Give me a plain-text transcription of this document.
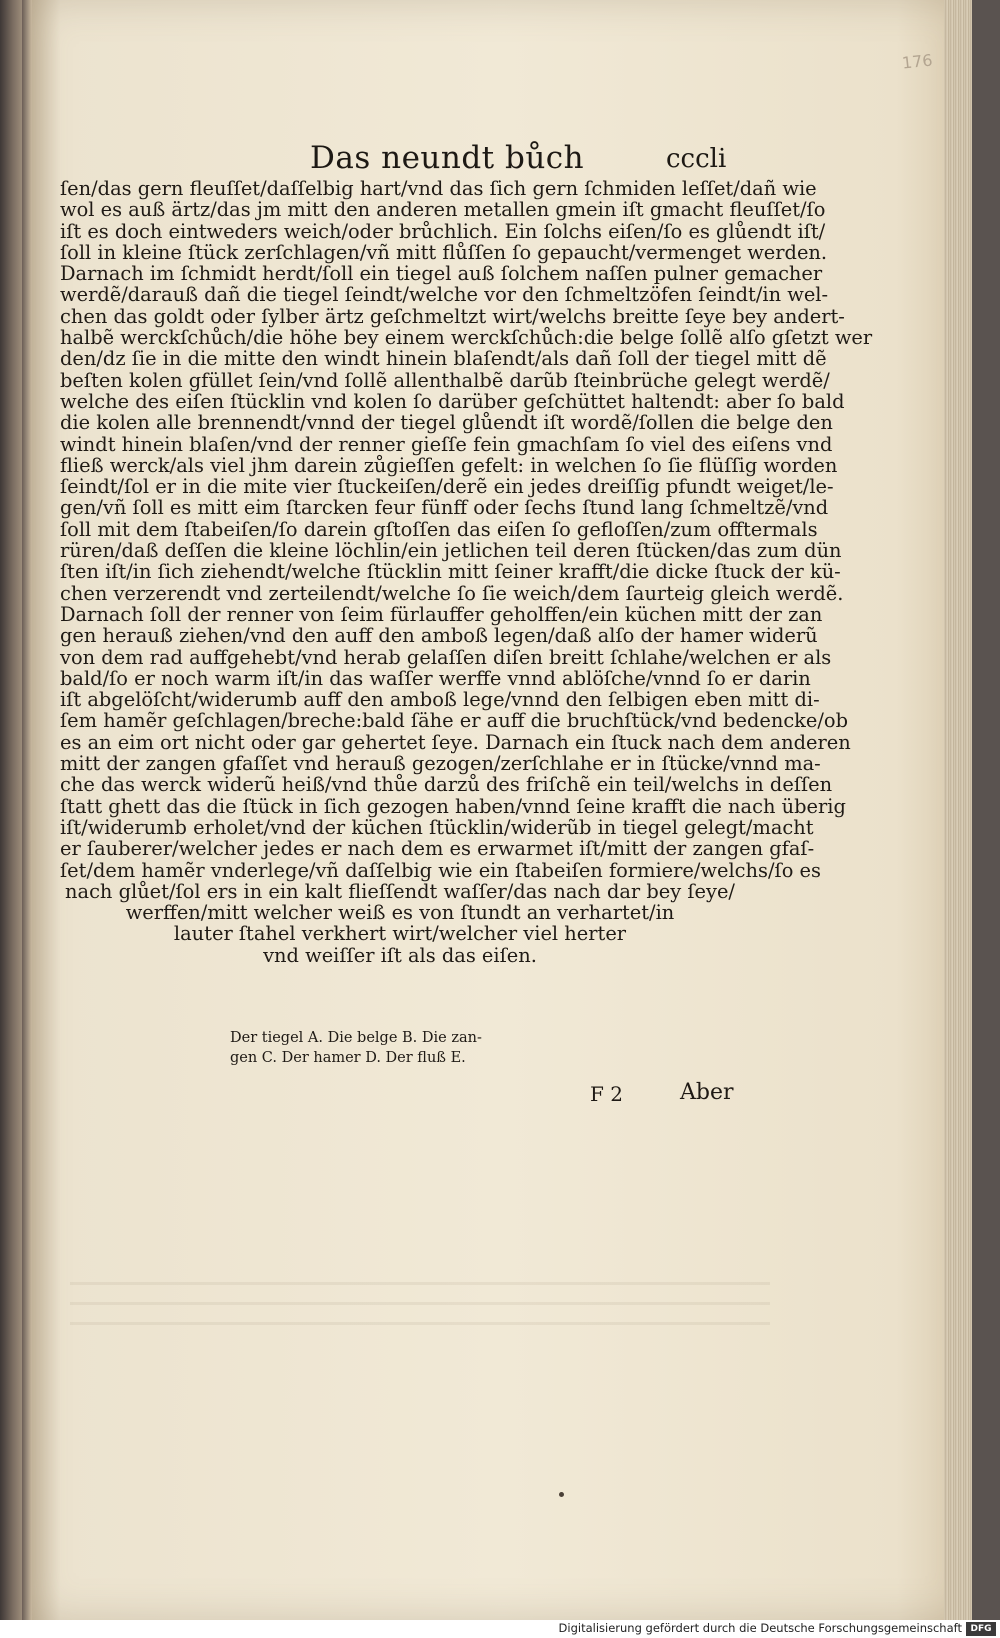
176
Das neundt bůch	cccli
ſen/das gern fleuſſet/daſſelbig hart/vnd das ſich gern ſchmiden leſſet/dañ wie
wol es auß ärtz/das jm mitt den anderen metallen gmein iſt gmacht fleuſſet/ſo
iſt es doch eintweders weich/oder brůchlich. Ein ſolchs eiſen/ſo es glůendt iſt/
ſoll in kleine ſtück zerſchlagen/vñ mitt flůſſen ſo gepaucht/vermenget werden.
Darnach im ſchmidt herdt/ſoll ein tiegel auß ſolchem naſſen pulner gemacher
werdẽ/darauß dañ die tiegel ſeindt/welche vor den ſchmeltzöfen ſeindt/in wel-
chen das goldt oder ſylber ärtz geſchmeltzt wirt/welchs breitte ſeye bey andert-
halbẽ werckſchůch/die höhe bey einem werckſchůch:die belge ſollẽ alſo gſetzt wer
den/dz ſie in die mitte den windt hinein blaſendt/als dañ ſoll der tiegel mitt dẽ
beſten kolen gfüllet ſein/vnd ſollẽ allenthalbẽ darũb ſteinbrüche gelegt werdẽ/
welche des eiſen ſtücklin vnd kolen ſo darüber geſchüttet haltendt: aber ſo bald
die kolen alle brennendt/vnnd der tiegel glůendt iſt wordẽ/ſollen die belge den
windt hinein blaſen/vnd der renner gieſſe fein gmachſam ſo viel des eiſens vnd
fließ werck/als viel jhm darein zůgieſſen gefelt: in welchen ſo ſie flüſſig worden
ſeindt/ſol er in die mite vier ſtuckeiſen/derẽ ein jedes dreiſſig pfundt weiget/le-
gen/vñ ſoll es mitt eim ſtarcken feur fünff oder ſechs ſtund lang ſchmeltzẽ/vnd
ſoll mit dem ſtabeiſen/ſo darein gſtoſſen das eiſen ſo gefloſſen/zum offtermals
rüren/daß deſſen die kleine löchlin/ein jetlichen teil deren ſtücken/das zum dün
ſten iſt/in ſich ziehendt/welche ſtücklin mitt ſeiner krafft/die dicke ſtuck der kü-
chen verzerendt vnd zerteilendt/welche ſo ſie weich/dem ſaurteig gleich werdẽ.
Darnach ſoll der renner von ſeim fürlauffer geholffen/ein küchen mitt der zan
gen herauß ziehen/vnd den auff den amboß legen/daß alſo der hamer widerũ
von dem rad auffgehebt/vnd herab gelaſſen diſen breitt ſchlahe/welchen er als
bald/ſo er noch warm iſt/in das waſſer werffe vnnd ablöſche/vnnd ſo er darin
iſt abgelöſcht/widerumb auff den amboß lege/vnnd den ſelbigen eben mitt di-
ſem hamẽr geſchlagen/breche:bald ſähe er auff die bruchſtück/vnd bedencke/ob
es an eim ort nicht oder gar gehertet ſeye. Darnach ein ſtuck nach dem anderen
mitt der zangen gfaſſet vnd herauß gezogen/zerſchlahe er in ſtücke/vnnd ma-
che das werck widerũ heiß/vnd thůe darzů des friſchẽ ein teil/welchs in deſſen
ſtatt ghett das die ſtück in ſich gezogen haben/vnnd ſeine krafft die nach überig
iſt/widerumb erholet/vnd der küchen ſtücklin/widerũb in tiegel gelegt/macht
er ſauberer/welcher jedes er nach dem es erwarmet iſt/mitt der zangen gfaſ-
ſet/dem hamẽr vnderlege/vñ daſſelbig wie ein ſtabeiſen formiere/welchs/ſo es
nach glůet/ſol ers in ein kalt flieſſendt waſſer/das nach dar bey ſeye/
werffen/mitt welcher weiß es von ſtundt an verhartet/in
lauter ſtahel verkhert wirt/welcher viel herter
vnd weiſſer iſt als das eiſen.
Der tiegel A. Die belge B. Die zan-
gen C. Der hamer D. Der fluß E.
F 2	Aber
Digitalisierung gefördert durch die Deutsche Forschungsgemeinschaft DFG
